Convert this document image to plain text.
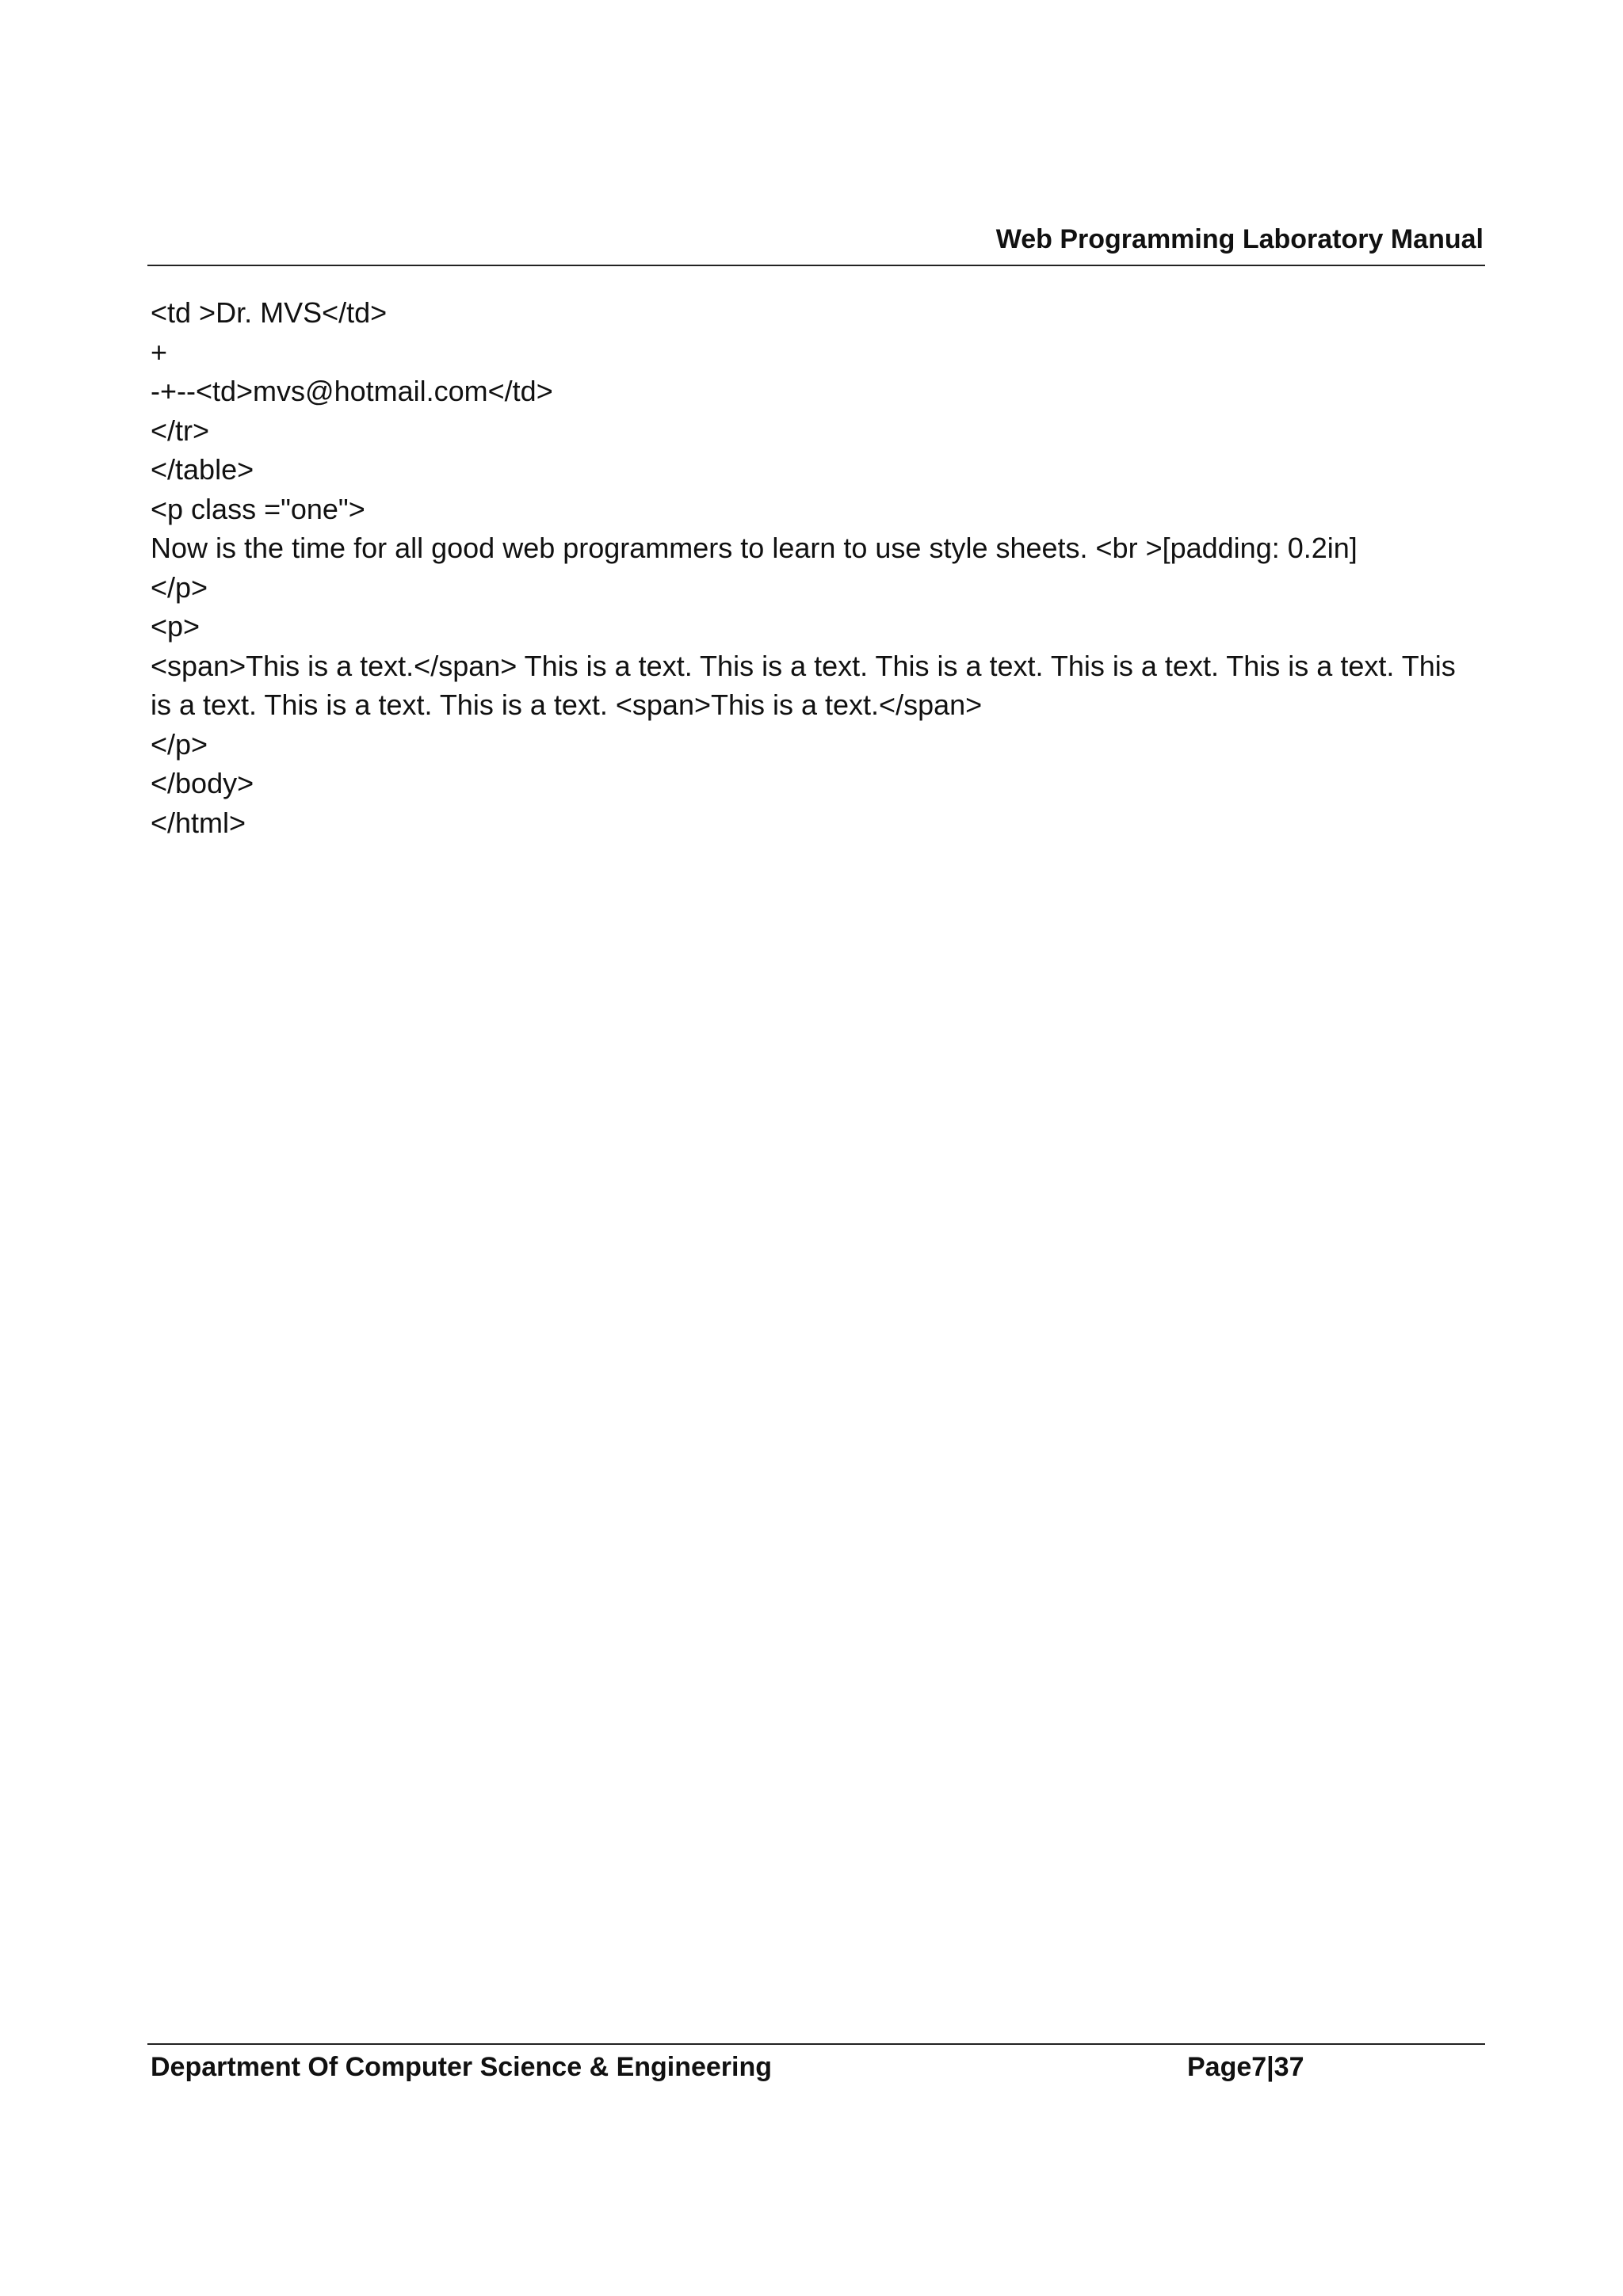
Web Programming Laboratory Manual

<td >Dr. MVS</td>

+

-+--<td>mvs@hotmail.com</td>

</tr>

</table>

<p class ="one">

Now is the time for all good web programmers to learn to use style sheets. <br >[padding: 0.2in]

</p>

<p>

<span>This is a text.</span> This is a text. This is a text. This is a text. This is a text. This is a text. This

is a text. This is a text. This is a text. <span>This is a text.</span>

</p>

</body>

</html>

Department Of Computer Science & Engineering	Page7|37
